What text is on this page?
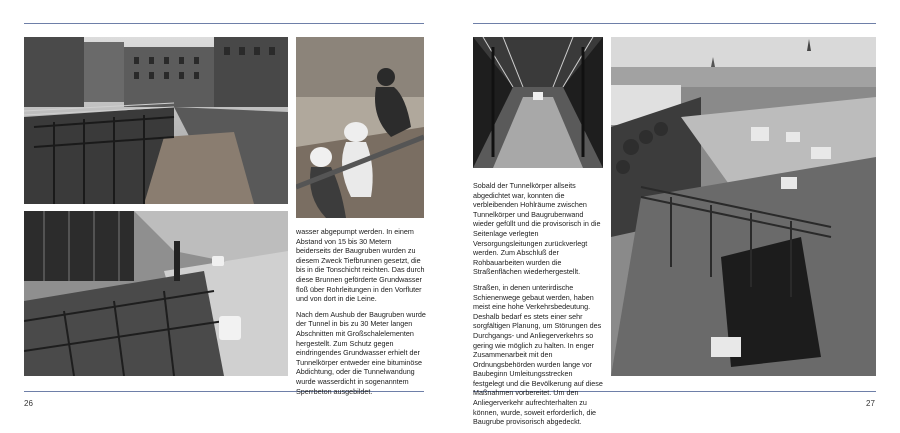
wasser abgepumpt werden. In einem Abstand von 15 bis 30 Metern beiderseits der Baugruben wurden zu diesem Zweck Tiefbrunnen gesetzt, die bis in die Tonschicht reichten. Das durch diese Brunnen geförderte Grundwasser floß über Rohrleitungen in den Vorfluter und von dort in die Leine.

Nach dem Aushub der Baugruben wurde der Tunnel in bis zu 30 Meter langen Abschnitten mit Großschalelementen hergestellt. Zum Schutz gegen eindringendes Grundwasser erhielt der Tunnelkörper entweder eine bituminöse Abdichtung, oder die Tunnelwandung wurde wasserdicht in sogenanntem Sperrbeton ausgebildet.

26

Sobald der Tunnelkörper allseits abgedichtet war, konnten die verbleibenden Hohlräume zwischen Tunnelkörper und Baugrubenwand wieder gefüllt und die provisorisch in die Seitenlage verlegten Versorgungsleitungen zurückverlegt werden. Zum Abschluß der Rohbauarbeiten wurden die Straßenflächen wiederhergestellt.

Straßen, in denen unterirdische Schienenwege gebaut werden, haben meist eine hohe Verkehrsbedeutung. Deshalb bedarf es stets einer sehr sorgfältigen Planung, um Störungen des Durchgangs- und Anliegerverkehrs so gering wie möglich zu halten. In enger Zusammenarbeit mit den Ordnungsbehörden wurden lange vor Baubeginn Umleitungsstrecken festgelegt und die Bevölkerung auf diese Maßnahmen vorbereitet. Um den Anliegerverkehr aufrechterhalten zu können, wurde, soweit erforderlich, die Baugrube provisorisch abgedeckt.

27
